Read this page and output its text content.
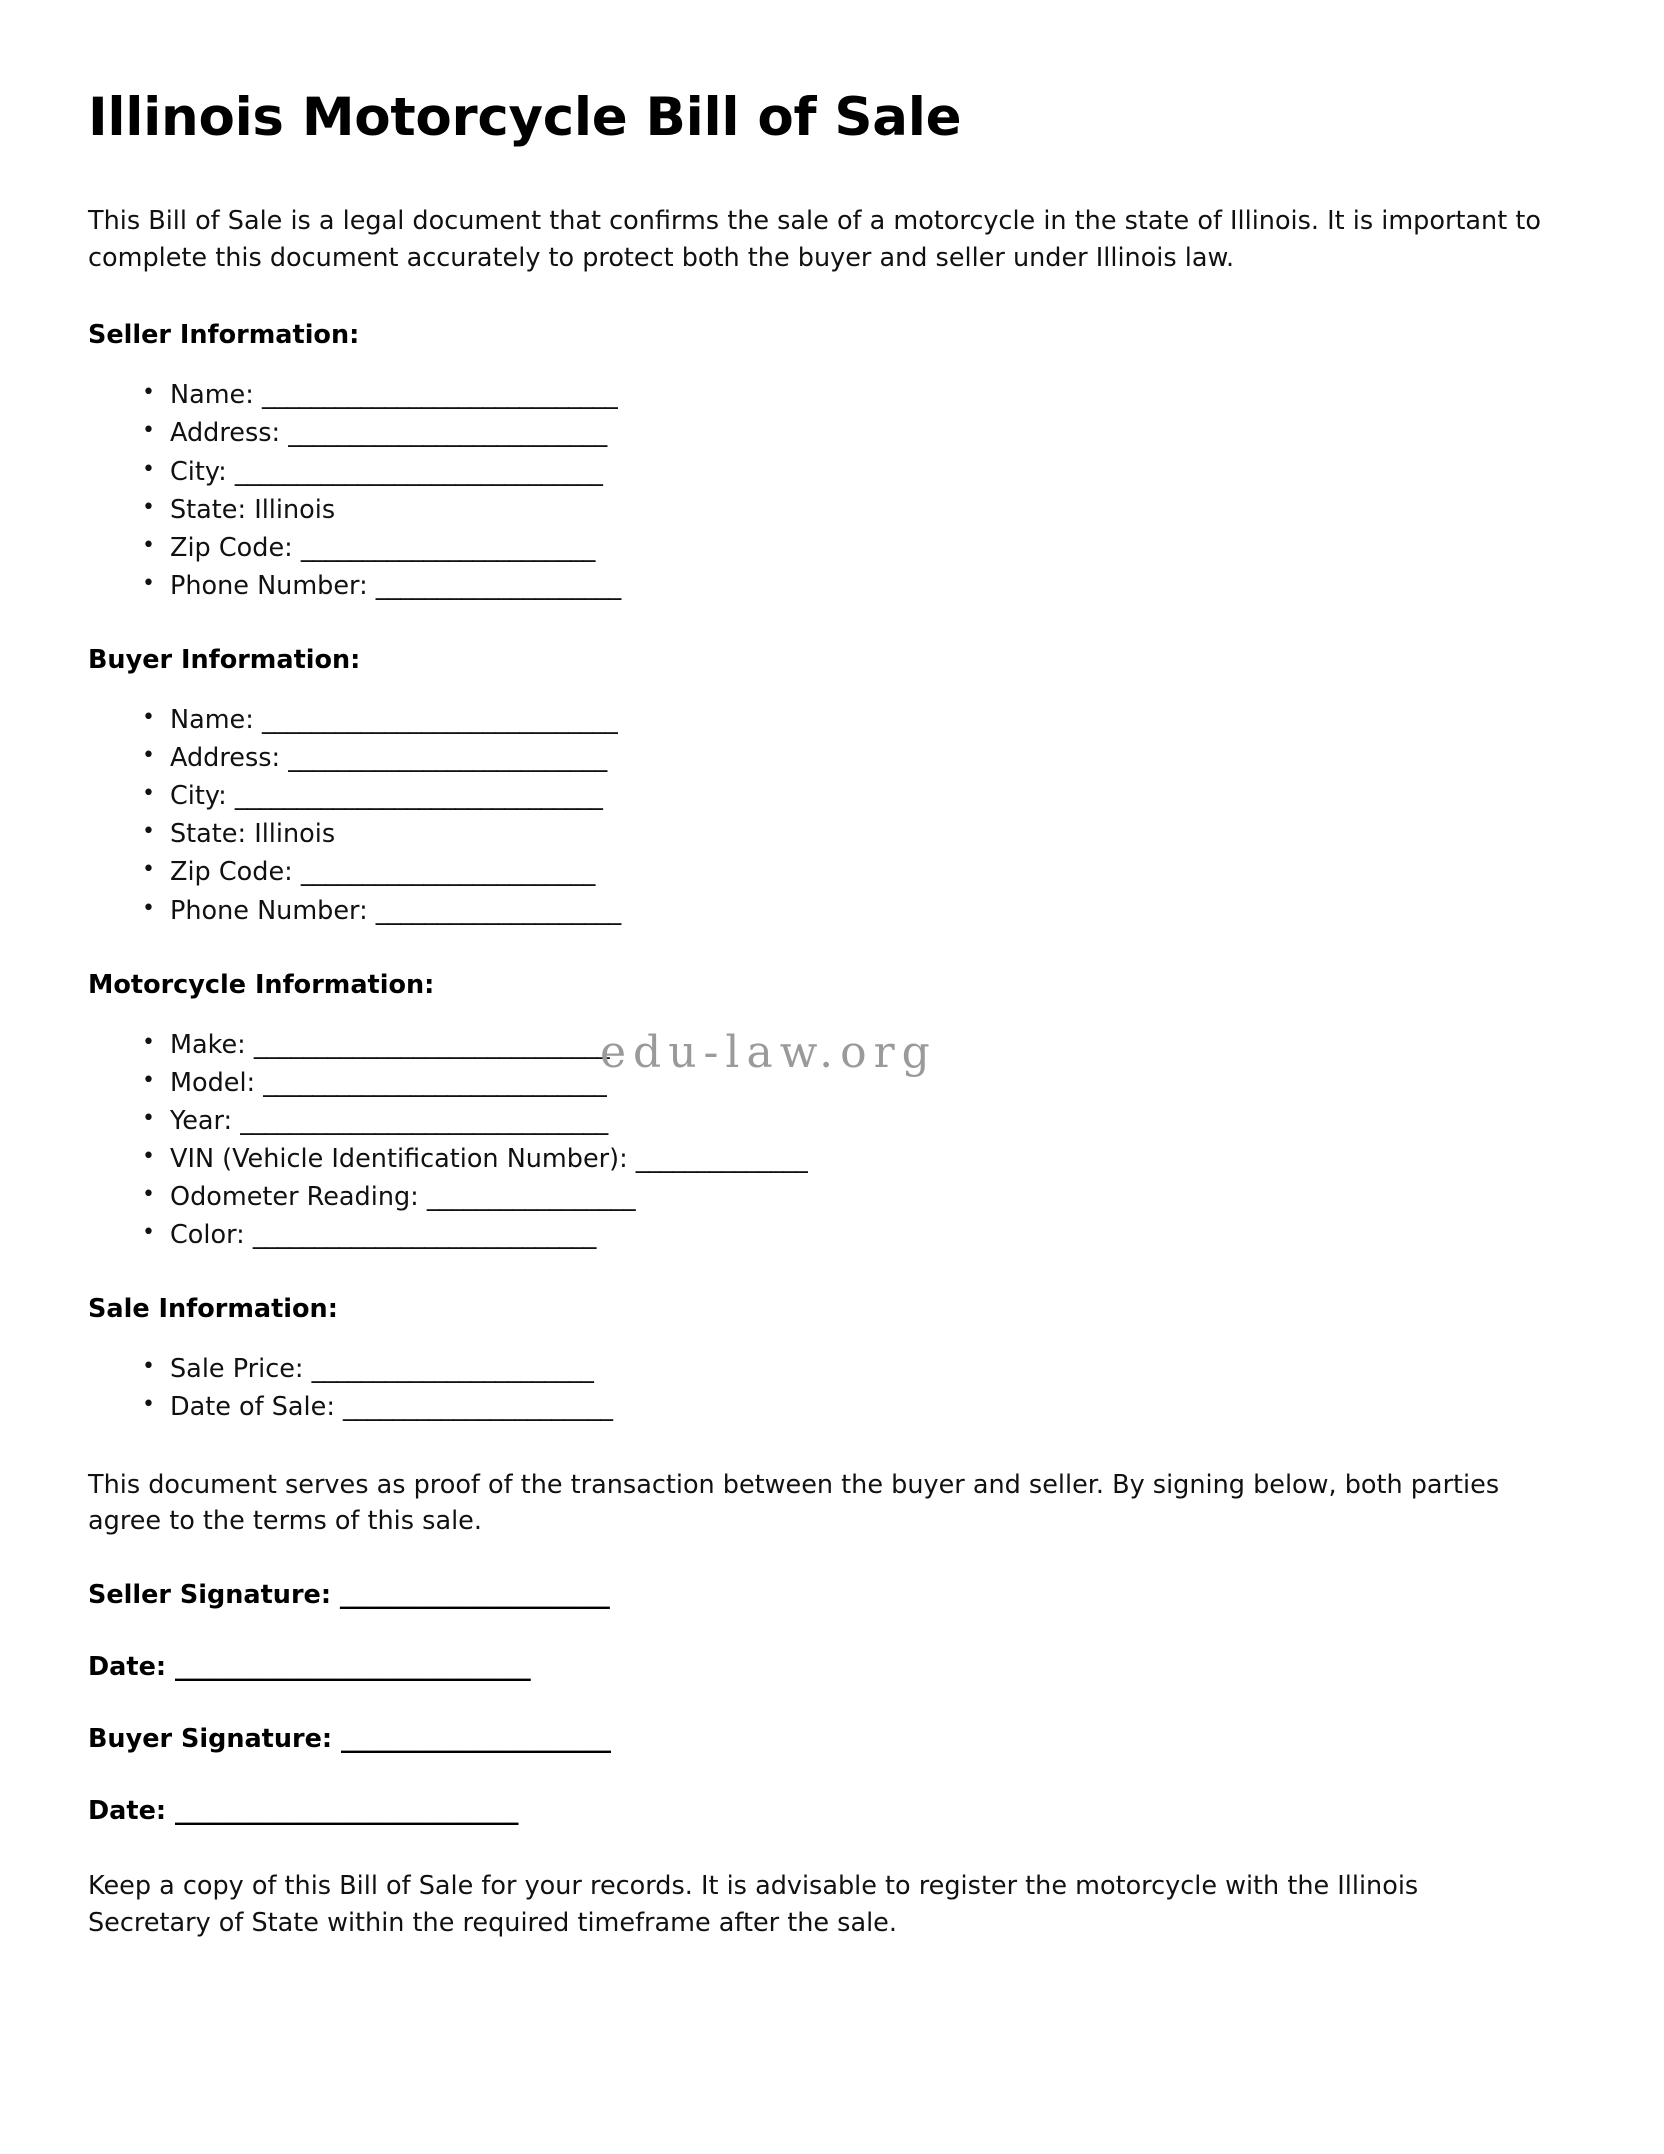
Illinois Motorcycle Bill of Sale

This Bill of Sale is a legal document that confirms the sale of a motorcycle in the state of Illinois. It is important to complete this document accurately to protect both the buyer and seller under Illinois law.

Seller Information:
• Name: _____________________________
• Address: __________________________
• City: ______________________________
• State: Illinois
• Zip Code: ________________________
• Phone Number: ____________________
Buyer Information:
• Name: _____________________________
• Address: __________________________
• City: ______________________________
• State: Illinois
• Zip Code: ________________________
• Phone Number: ____________________
Motorcycle Information:
• Make: _____________________________
• Model: ____________________________
• Year: ______________________________
• VIN (Vehicle Identification Number): ______________
• Odometer Reading: _________________
• Color: ____________________________
Sale Information:
• Sale Price: _______________________
• Date of Sale: ______________________

This document serves as proof of the transaction between the buyer and seller. By signing below, both parties agree to the terms of this sale.

Seller Signature: ______________________
Date: _____________________________
Buyer Signature: ______________________
Date: ____________________________

Keep a copy of this Bill of Sale for your records. It is advisable to register the motorcycle with the Illinois Secretary of State within the required timeframe after the sale.

edu-law.org
